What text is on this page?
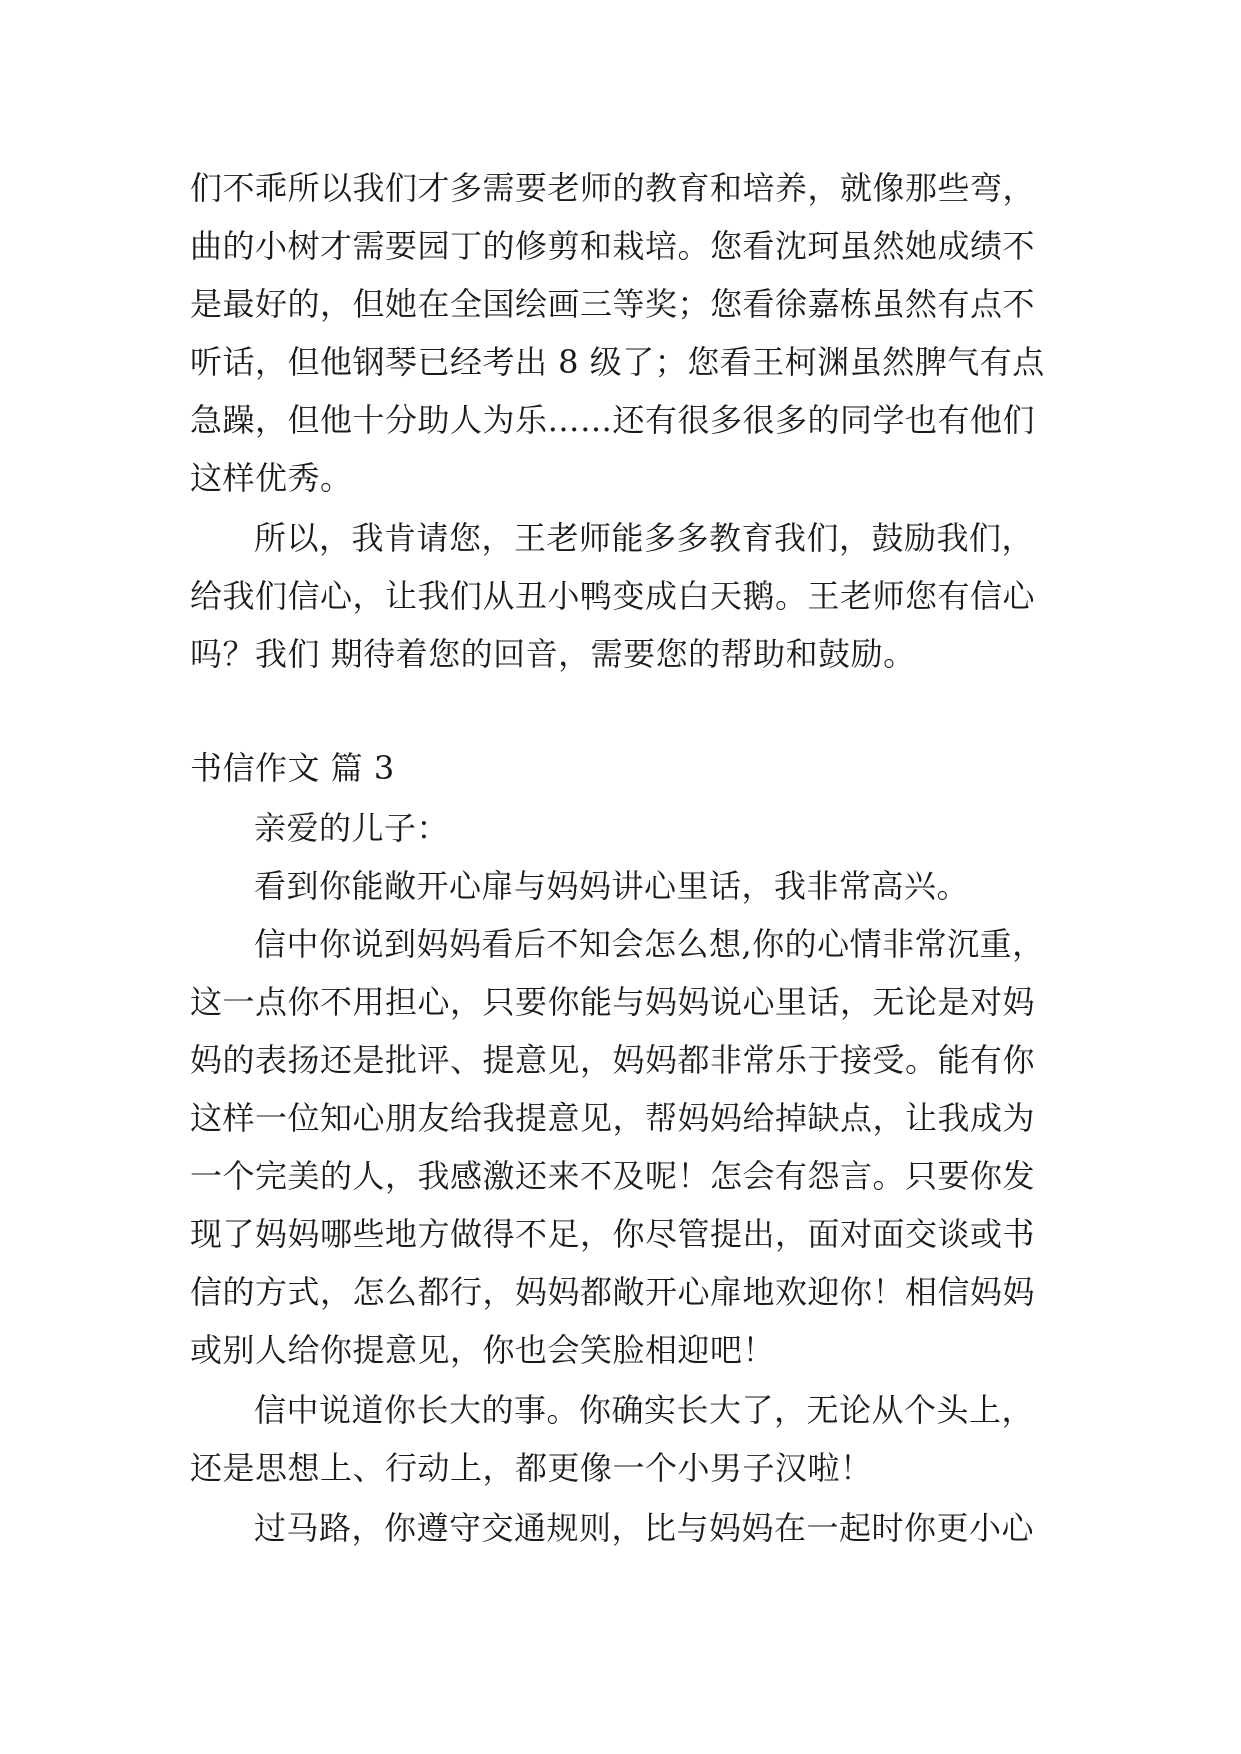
们不乖所以我们才多需要老师的教育和培养，就像那些弯，
曲的小树才需要园丁的修剪和栽培。您看沈珂虽然她成绩不
是最好的，但她在全国绘画三等奖；您看徐嘉栋虽然有点不
听话，但他钢琴已经考出 8 级了；您看王柯渊虽然脾气有点
急躁，但他十分助人为乐……还有很多很多的同学也有他们
这样优秀。
所以，我肯请您，王老师能多多教育我们，鼓励我们，
给我们信心，让我们从丑小鸭变成白天鹅。王老师您有信心
吗？我们 期待着您的回音，需要您的帮助和鼓励。
书信作文 篇 3
亲爱的儿子：
看到你能敞开心扉与妈妈讲心里话，我非常高兴。
信中你说到妈妈看后不知会怎么想,你的心情非常沉重，
这一点你不用担心，只要你能与妈妈说心里话，无论是对妈
妈的表扬还是批评、提意见，妈妈都非常乐于接受。能有你
这样一位知心朋友给我提意见，帮妈妈给掉缺点，让我成为
一个完美的人，我感激还来不及呢！怎会有怨言。只要你发
现了妈妈哪些地方做得不足，你尽管提出，面对面交谈或书
信的方式，怎么都行，妈妈都敞开心扉地欢迎你！相信妈妈
或别人给你提意见，你也会笑脸相迎吧！
信中说道你长大的事。你确实长大了，无论从个头上，
还是思想上、行动上，都更像一个小男子汉啦！
过马路，你遵守交通规则，比与妈妈在一起时你更小心
